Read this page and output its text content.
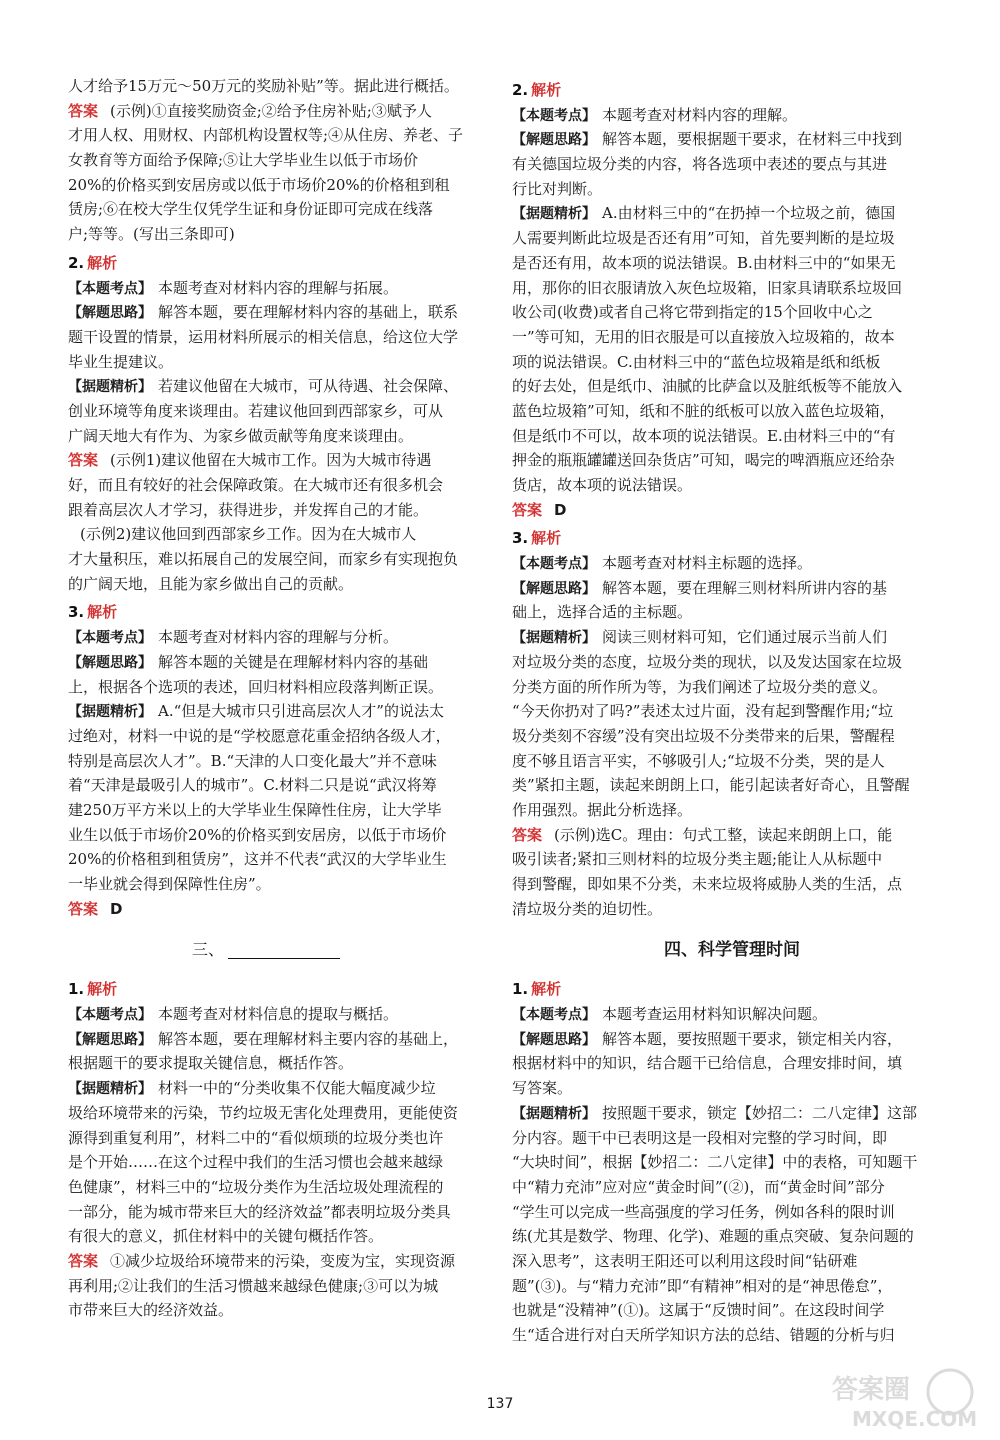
人才给予15万元～50万元的奖励补贴”等。据此进行概括。
答案 (示例)①直接奖励资金;②给予住房补贴;③赋予人
才用人权、用财权、内部机构设置权等;④从住房、养老、子
女教育等方面给予保障;⑤让大学毕业生以低于市场价
20%的价格买到安居房或以低于市场价20%的价格租到租
赁房;⑥在校大学生仅凭学生证和身份证即可完成在线落
户;等等。(写出三条即可)
2. 解析
【本题考点】 本题考查对材料内容的理解与拓展。
【解题思路】 解答本题，要在理解材料内容的基础上，联系
题干设置的情景，运用材料所展示的相关信息，给这位大学
毕业生提建议。
【据题精析】 若建议他留在大城市，可从待遇、社会保障、
创业环境等角度来谈理由。若建议他回到西部家乡，可从
广阔天地大有作为、为家乡做贡献等角度来谈理由。
答案 (示例1)建议他留在大城市工作。因为大城市待遇
好，而且有较好的社会保障政策。在大城市还有很多机会
跟着高层次人才学习，获得进步，并发挥自己的才能。
(示例2)建议他回到西部家乡工作。因为在大城市人
才大量积压，难以拓展自己的发展空间，而家乡有实现抱负
的广阔天地，且能为家乡做出自己的贡献。
3. 解析
【本题考点】 本题考查对材料内容的理解与分析。
【解题思路】 解答本题的关键是在理解材料内容的基础
上，根据各个选项的表述，回归材料相应段落判断正误。
【据题精析】 A.“但是大城市只引进高层次人才”的说法太
过绝对，材料一中说的是“学校愿意花重金招纳各级人才，
特别是高层次人才”。B.“天津的人口变化最大”并不意味
着“天津是最吸引人的城市”。C.材料二只是说“武汉将筹
建250万平方米以上的大学毕业生保障性住房，让大学毕
业生以低于市场价20%的价格买到安居房，以低于市场价
20%的价格租到租赁房”，这并不代表“武汉的大学毕业生
一毕业就会得到保障性住房”。
答案 D
三、
1. 解析
【本题考点】 本题考查对材料信息的提取与概括。
【解题思路】 解答本题，要在理解材料主要内容的基础上，
根据题干的要求提取关键信息，概括作答。
【据题精析】 材料一中的“分类收集不仅能大幅度减少垃
圾给环境带来的污染，节约垃圾无害化处理费用，更能使资
源得到重复利用”，材料二中的“看似烦琐的垃圾分类也许
是个开始……在这个过程中我们的生活习惯也会越来越绿
色健康”，材料三中的“垃圾分类作为生活垃圾处理流程的
一部分，能为城市带来巨大的经济效益”都表明垃圾分类具
有很大的意义，抓住材料中的关键句概括作答。
答案 ①减少垃圾给环境带来的污染，变废为宝，实现资源
再利用;②让我们的生活习惯越来越绿色健康;③可以为城
市带来巨大的经济效益。
2. 解析
【本题考点】 本题考查对材料内容的理解。
【解题思路】 解答本题，要根据题干要求，在材料三中找到
有关德国垃圾分类的内容，将各选项中表述的要点与其进
行比对判断。
【据题精析】 A.由材料三中的“在扔掉一个垃圾之前，德国
人需要判断此垃圾是否还有用”可知，首先要判断的是垃圾
是否还有用，故本项的说法错误。B.由材料三中的“如果无
用，那你的旧衣服请放入灰色垃圾箱，旧家具请联系垃圾回
收公司(收费)或者自己将它带到指定的15个回收中心之
一”等可知，无用的旧衣服是可以直接放入垃圾箱的，故本
项的说法错误。C.由材料三中的“蓝色垃圾箱是纸和纸板
的好去处，但是纸巾、油腻的比萨盒以及脏纸板等不能放入
蓝色垃圾箱”可知，纸和不脏的纸板可以放入蓝色垃圾箱，
但是纸巾不可以，故本项的说法错误。E.由材料三中的“有
押金的瓶瓶罐罐送回杂货店”可知，喝完的啤酒瓶应还给杂
货店，故本项的说法错误。
答案 D
3. 解析
【本题考点】 本题考查对材料主标题的选择。
【解题思路】 解答本题，要在理解三则材料所讲内容的基
础上，选择合适的主标题。
【据题精析】 阅读三则材料可知，它们通过展示当前人们
对垃圾分类的态度，垃圾分类的现状，以及发达国家在垃圾
分类方面的所作所为等，为我们阐述了垃圾分类的意义。
“今天你扔对了吗?”表述太过片面，没有起到警醒作用;“垃
圾分类刻不容缓”没有突出垃圾不分类带来的后果，警醒程
度不够且语言平实，不够吸引人;“垃圾不分类，哭的是人
类”紧扣主题，读起来朗朗上口，能引起读者好奇心，且警醒
作用强烈。据此分析选择。
答案 (示例)选C。理由：句式工整，读起来朗朗上口，能
吸引读者;紧扣三则材料的垃圾分类主题;能让人从标题中
得到警醒，即如果不分类，未来垃圾将威胁人类的生活，点
清垃圾分类的迫切性。
四、科学管理时间
1. 解析
【本题考点】 本题考查运用材料知识解决问题。
【解题思路】 解答本题，要按照题干要求，锁定相关内容，
根据材料中的知识，结合题干已给信息，合理安排时间，填
写答案。
【据题精析】 按照题干要求，锁定【妙招二：二八定律】这部
分内容。题干中已表明这是一段相对完整的学习时间，即
“大块时间”，根据【妙招二：二八定律】中的表格，可知题干
中“精力充沛”应对应“黄金时间”(②)，而“黄金时间”部分
“学生可以完成一些高强度的学习任务，例如各科的限时训
练(尤其是数学、物理、化学)、难题的重点突破、复杂问题的
深入思考”，这表明王阳还可以利用这段时间“钻研难
题”(③)。与“精力充沛”即“有精神”相对的是“神思倦怠”，
也就是“没精神”(①)。这属于“反馈时间”。在这段时间学
生“适合进行对白天所学知识方法的总结、错题的分析与归
137	答案圈
MXQE.COM
